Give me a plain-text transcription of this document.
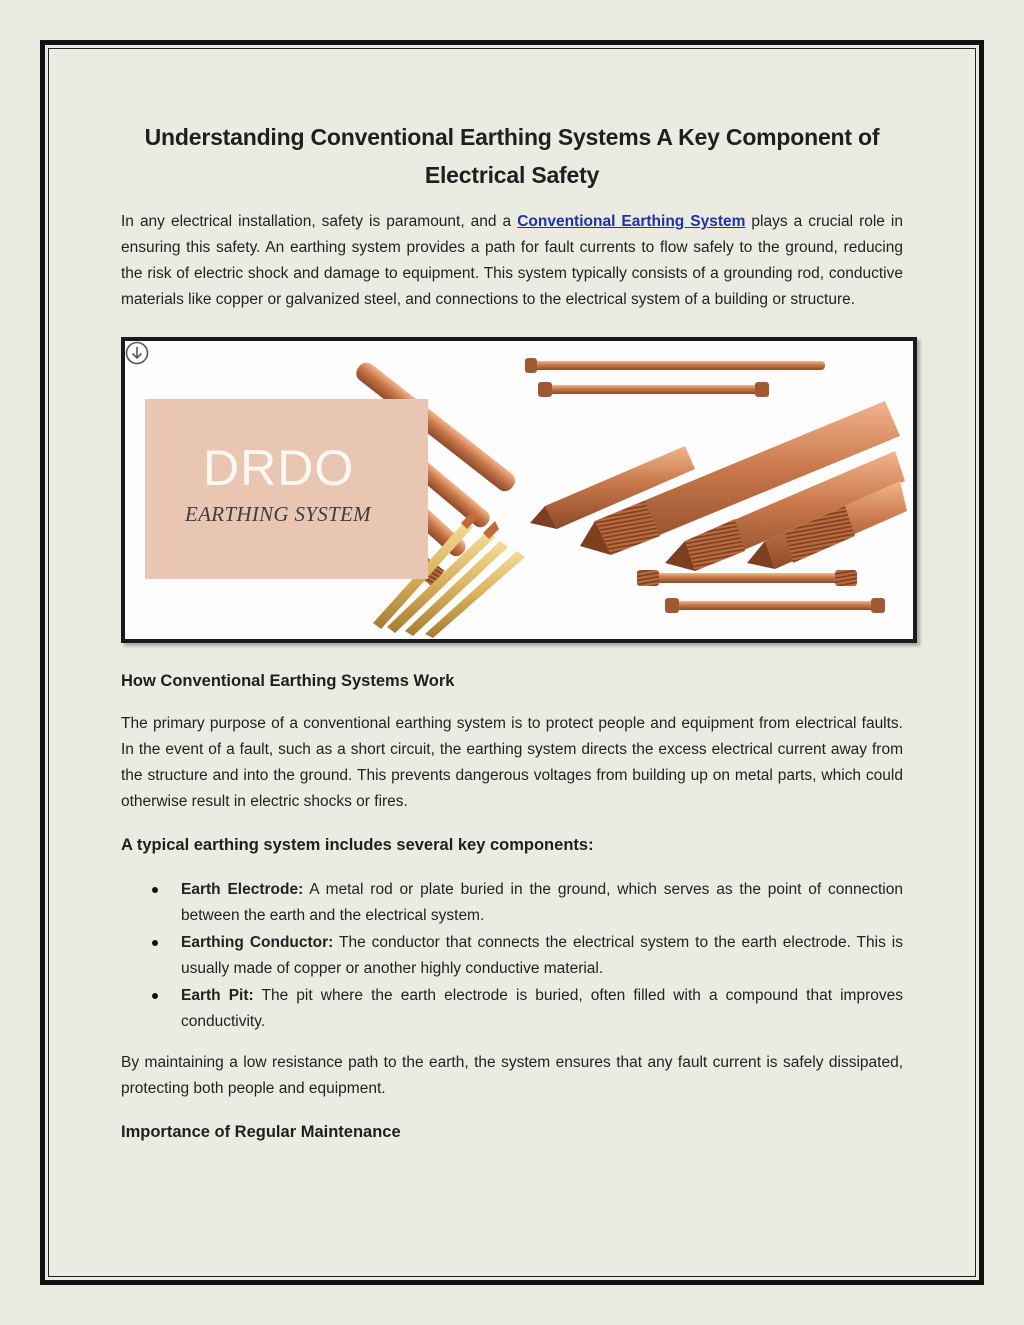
Understanding Conventional Earthing Systems A Key Component of Electrical Safety

In any electrical installation, safety is paramount, and a Conventional Earthing System plays a crucial role in ensuring this safety. An earthing system provides a path for fault currents to flow safely to the ground, reducing the risk of electric shock and damage to equipment. This system typically consists of a grounding rod, conductive materials like copper or galvanized steel, and connections to the electrical system of a building or structure.

DRDO
EARTHING SYSTEM
How Conventional Earthing Systems Work

The primary purpose of a conventional earthing system is to protect people and equipment from electrical faults. In the event of a fault, such as a short circuit, the earthing system directs the excess electrical current away from the structure and into the ground. This prevents dangerous voltages from building up on metal parts, which could otherwise result in electric shocks or fires.

A typical earthing system includes several key components:
Earth Electrode: A metal rod or plate buried in the ground, which serves as the point of connection between the earth and the electrical system.
Earthing Conductor: The conductor that connects the electrical system to the earth electrode. This is usually made of copper or another highly conductive material.
Earth Pit: The pit where the earth electrode is buried, often filled with a compound that improves conductivity.

By maintaining a low resistance path to the earth, the system ensures that any fault current is safely dissipated, protecting both people and equipment.

Importance of Regular Maintenance
